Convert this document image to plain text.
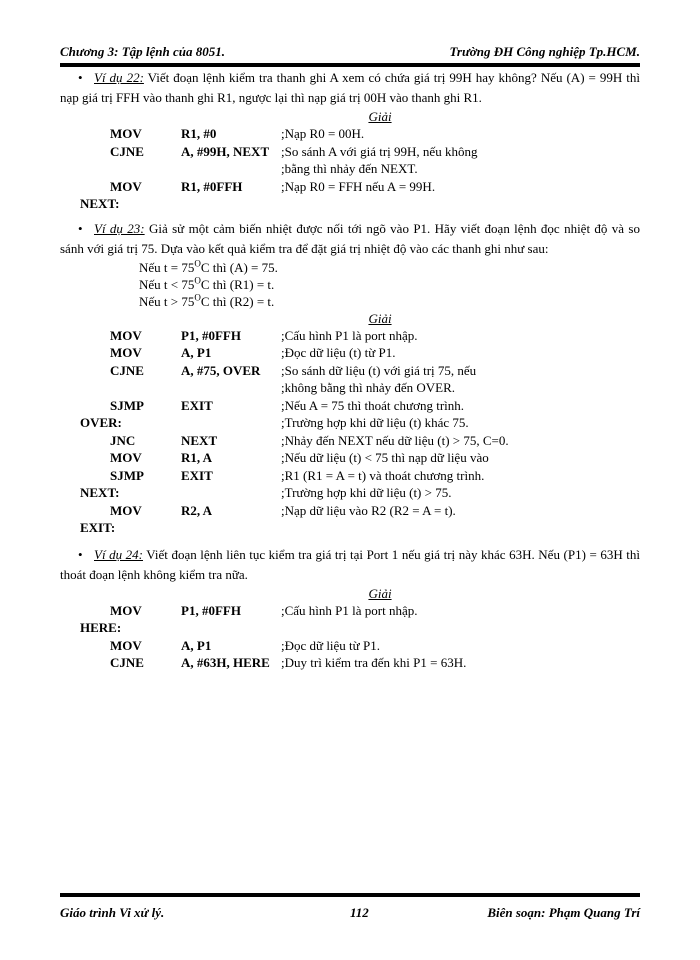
Chương 3: Tập lệnh của 8051.	Trường ĐH Công nghiệp Tp.HCM.

• Ví dụ 22: Viết đoạn lệnh kiểm tra thanh ghi A xem có chứa giá trị 99H hay không? Nếu (A) = 99H thì nạp giá trị FFH vào thanh ghi R1, ngược lại thì nạp giá trị 00H vào thanh ghi R1.

Giải
MOV	R1, #0	;Nạp R0 = 00H.
CJNE	A, #99H, NEXT ;So sánh A với giá trị 99H, nếu không
;bằng thì nhảy đến NEXT.
MOV	R1, #0FFH	;Nạp R0 = FFH nếu A = 99H.
NEXT:

• Ví dụ 23: Giả sử một cảm biến nhiệt được nối tới ngõ vào P1. Hãy viết đoạn lệnh đọc nhiệt độ và so sánh với giá trị 75. Dựa vào kết quả kiểm tra để đặt giá trị nhiệt độ vào các thanh ghi như sau:

Nếu $t = 75^OC$ thì (A) = 75.
Nếu $t < 75^OC$ thì (R1) = t.
Nếu $t > 75^OC$ thì (R2) = t.
Giải
MOV	P1, #0FFH	;Cấu hình P1 là port nhập.
MOV	A, P1	;Đọc dữ liệu (t) từ P1.
CJNE	A, #75, OVER ;So sánh dữ liệu (t) với giá trị 75, nếu
;không bằng thì nhảy đến OVER.
SJMP	EXIT	;Nếu A = 75 thì thoát chương trình.
OVER:	;Trường hợp khi dữ liệu (t) khác 75.
JNC	NEXT	;Nhảy đến NEXT nếu dữ liệu (t) > 75, C=0.
MOV	R1, A	;Nếu dữ liệu (t) < 75 thì nạp dữ liệu vào
SJMP	EXIT	;R1 (R1 = A = t) và thoát chương trình.
NEXT:	;Trường hợp khi dữ liệu (t) > 75.
MOV	R2, A	;Nạp dữ liệu vào R2 (R2 = A = t).
EXIT:

• Ví dụ 24: Viết đoạn lệnh liên tục kiểm tra giá trị tại Port 1 nếu giá trị này khác 63H. Nếu (P1) = 63H thì thoát đoạn lệnh không kiểm tra nữa.

Giải
MOV	P1, #0FFH	;Cấu hình P1 là port nhập.
HERE:
MOV	A, P1	;Đọc dữ liệu từ P1.
CJNE	A, #63H, HERE ;Duy trì kiểm tra đến khi P1 = 63H.
Giáo trình Vi xử lý.	112	Biên soạn: Phạm Quang Trí
